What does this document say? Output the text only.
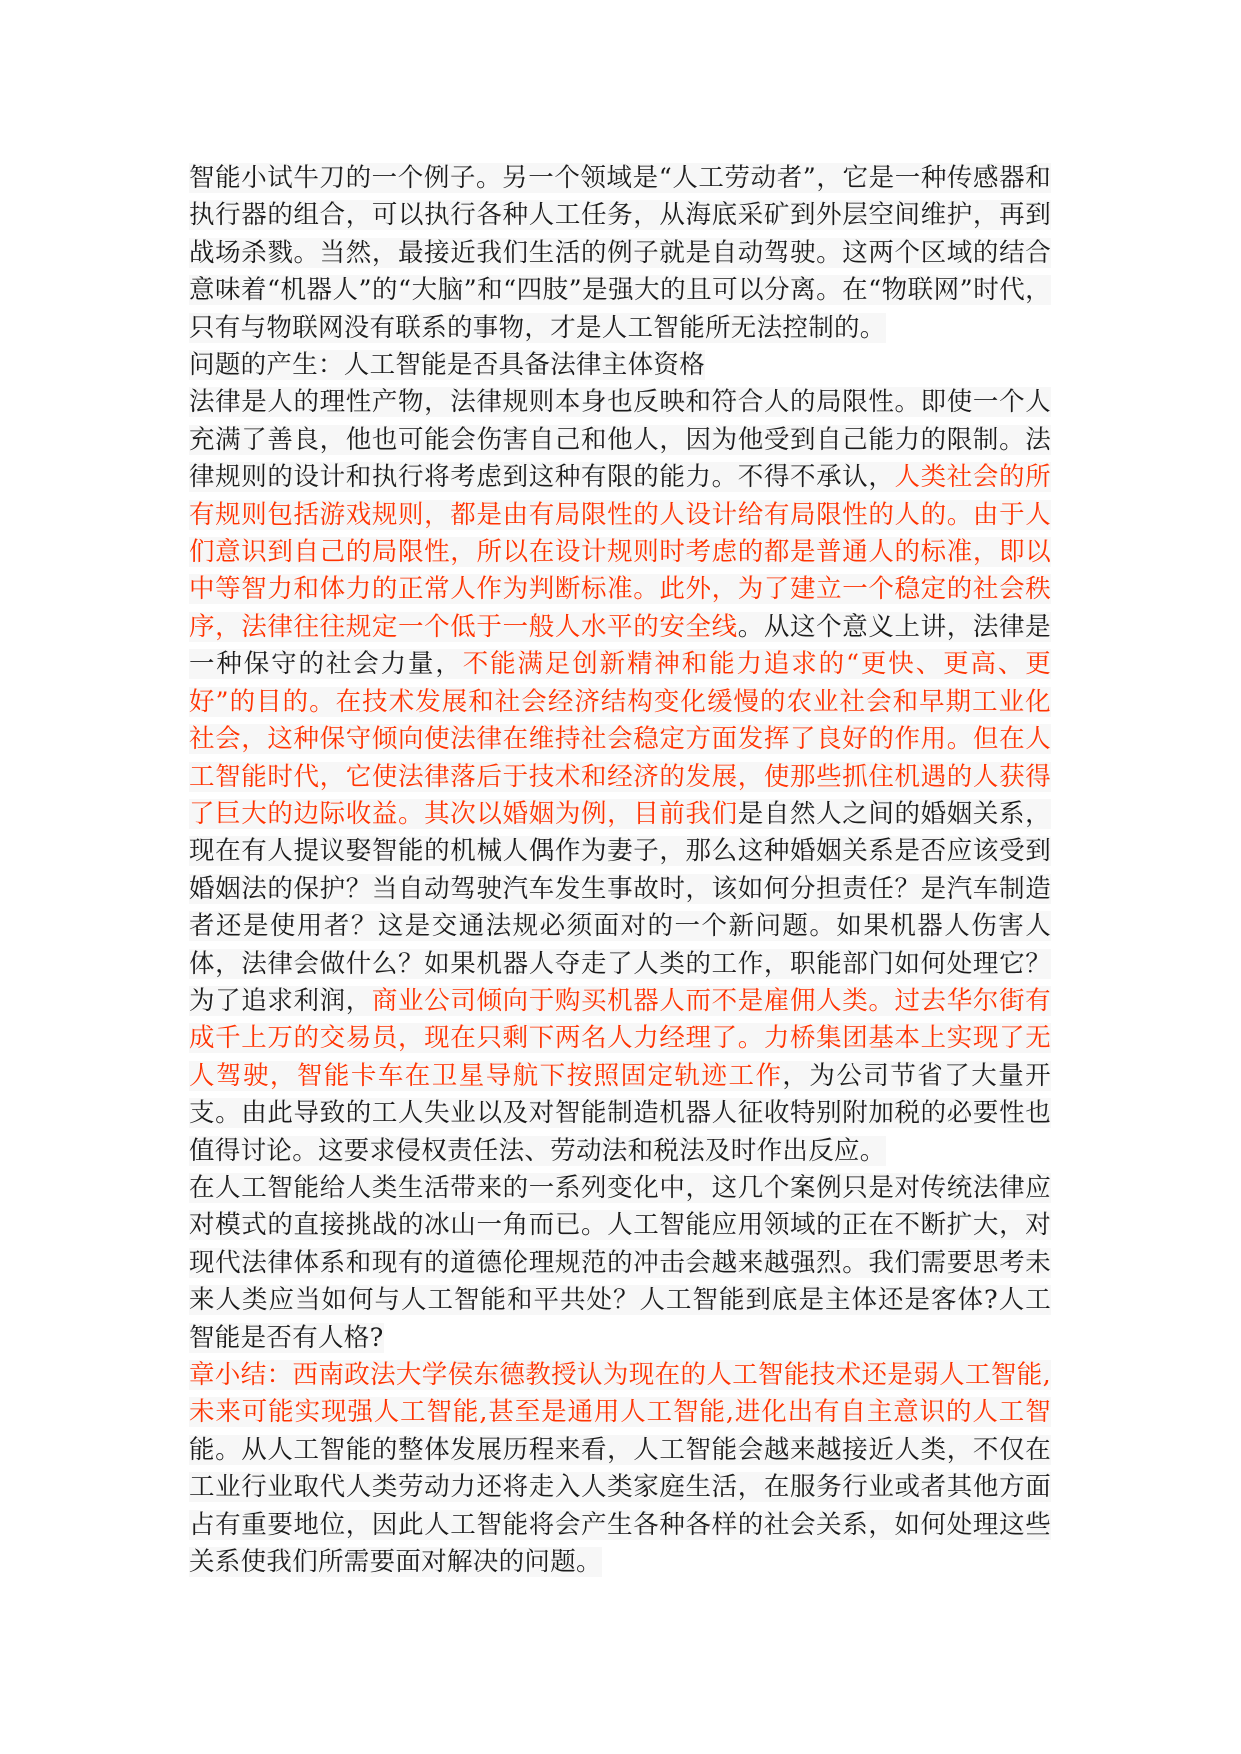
智能小试牛刀的一个例子。另一个领域是“人工劳动者”，它是一种传感器和执行器的组合，可以执行各种人工任务，从海底采矿到外层空间维护，再到战场杀戮。当然，最接近我们生活的例子就是自动驾驶。这两个区域的结合意味着“机器人”的“大脑”和“四肢”是强大的且可以分离。在“物联网”时代，只有与物联网没有联系的事物，才是人工智能所无法控制的。

问题的产生：人工智能是否具备法律主体资格

法律是人的理性产物，法律规则本身也反映和符合人的局限性。即使一个人充满了善良，他也可能会伤害自己和他人，因为他受到自己能力的限制。法律规则的设计和执行将考虑到这种有限的能力。不得不承认，人类社会的所有规则包括游戏规则，都是由有局限性的人设计给有局限性的人的。由于人们意识到自己的局限性，所以在设计规则时考虑的都是普通人的标准，即以中等智力和体力的正常人作为判断标准。此外，为了建立一个稳定的社会秩序，法律往往规定一个低于一般人水平的安全线。从这个意义上讲，法律是一种保守的社会力量，不能满足创新精神和能力追求的“更快、更高、更好”的目的。在技术发展和社会经济结构变化缓慢的农业社会和早期工业化社会，这种保守倾向使法律在维持社会稳定方面发挥了良好的作用。但在人工智能时代，它使法律落后于技术和经济的发展，使那些抓住机遇的人获得了巨大的边际收益。其次以婚姻为例，目前我们是自然人之间的婚姻关系，现在有人提议娶智能的机械人偶作为妻子，那么这种婚姻关系是否应该受到婚姻法的保护？当自动驾驶汽车发生事故时，该如何分担责任？是汽车制造者还是使用者？这是交通法规必须面对的一个新问题。如果机器人伤害人体，法律会做什么？如果机器人夺走了人类的工作，职能部门如何处理它？为了追求利润，商业公司倾向于购买机器人而不是雇佣人类。过去华尔街有成千上万的交易员，现在只剩下两名人力经理了。力桥集团基本上实现了无人驾驶，智能卡车在卫星导航下按照固定轨迹工作，为公司节省了大量开支。由此导致的工人失业以及对智能制造机器人征收特别附加税的必要性也值得讨论。这要求侵权责任法、劳动法和税法及时作出反应。

在人工智能给人类生活带来的一系列变化中，这几个案例只是对传统法律应对模式的直接挑战的冰山一角而已。人工智能应用领域的正在不断扩大，对现代法律体系和现有的道德伦理规范的冲击会越来越强烈。我们需要思考未来人类应当如何与人工智能和平共处？人工智能到底是主体还是客体?人工智能是否有人格?

章小结：西南政法大学侯东德教授认为现在的人工智能技术还是弱人工智能,未来可能实现强人工智能,甚至是通用人工智能,进化出有自主意识的人工智能。从人工智能的整体发展历程来看，人工智能会越来越接近人类，不仅在工业行业取代人类劳动力还将走入人类家庭生活，在服务行业或者其他方面占有重要地位，因此人工智能将会产生各种各样的社会关系，如何处理这些关系使我们所需要面对解决的问题。
